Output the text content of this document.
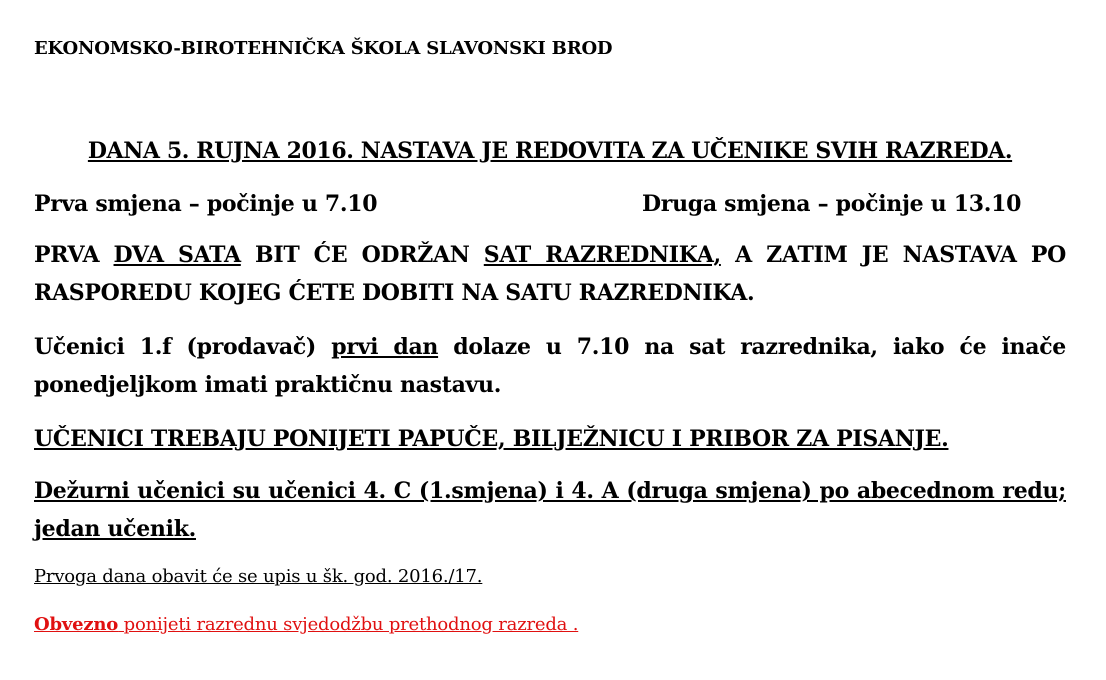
EKONOMSKO-BIROTEHNIČKA ŠKOLA SLAVONSKI BROD
DANA 5. RUJNA 2016. NASTAVA JE REDOVITA ZA UČENIKE SVIH RAZREDA.
Prva smjena – počinje u 7.10	Druga smjena – počinje u 13.10
PRVA DVA SATA BIT ĆE ODRŽAN SAT RAZREDNIKA, A ZATIM JE NASTAVA PO RASPOREDU KOJEG ĆETE DOBITI NA SATU RAZREDNIKA.
Učenici 1.f (prodavač) prvi dan dolaze u 7.10 na sat razrednika, iako će inače ponedjeljkom imati praktičnu nastavu.
UČENICI TREBAJU PONIJETI PAPUČE, BILJEŽNICU I PRIBOR ZA PISANJE.
Dežurni učenici su učenici 4. C (1.smjena) i 4. A (druga smjena) po abecednom redu; jedan učenik.
Prvoga dana obavit će se upis u šk. god. 2016./17.
Obvezno ponijeti razrednu svjedodžbu prethodnog razreda .
